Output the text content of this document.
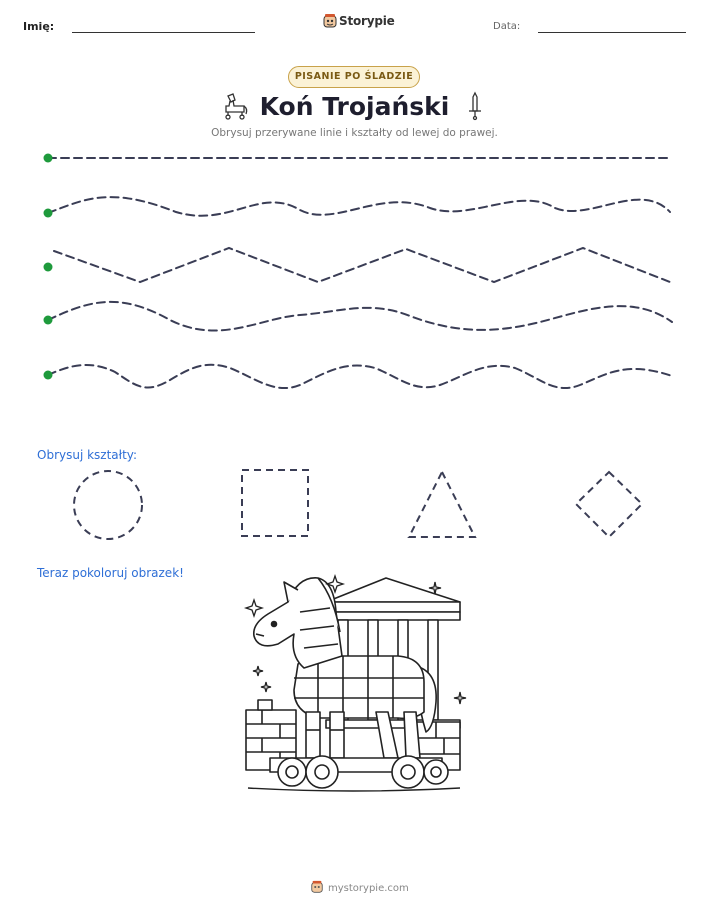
Imię:	Storypie	Data:
PISANIE PO ŚLADZIE
Koń Trojański
Obrysuj przerywane linie i kształty od lewej do prawej.
Obrysuj kształty:
Teraz pokoloruj obrazek!
mystorypie.com
